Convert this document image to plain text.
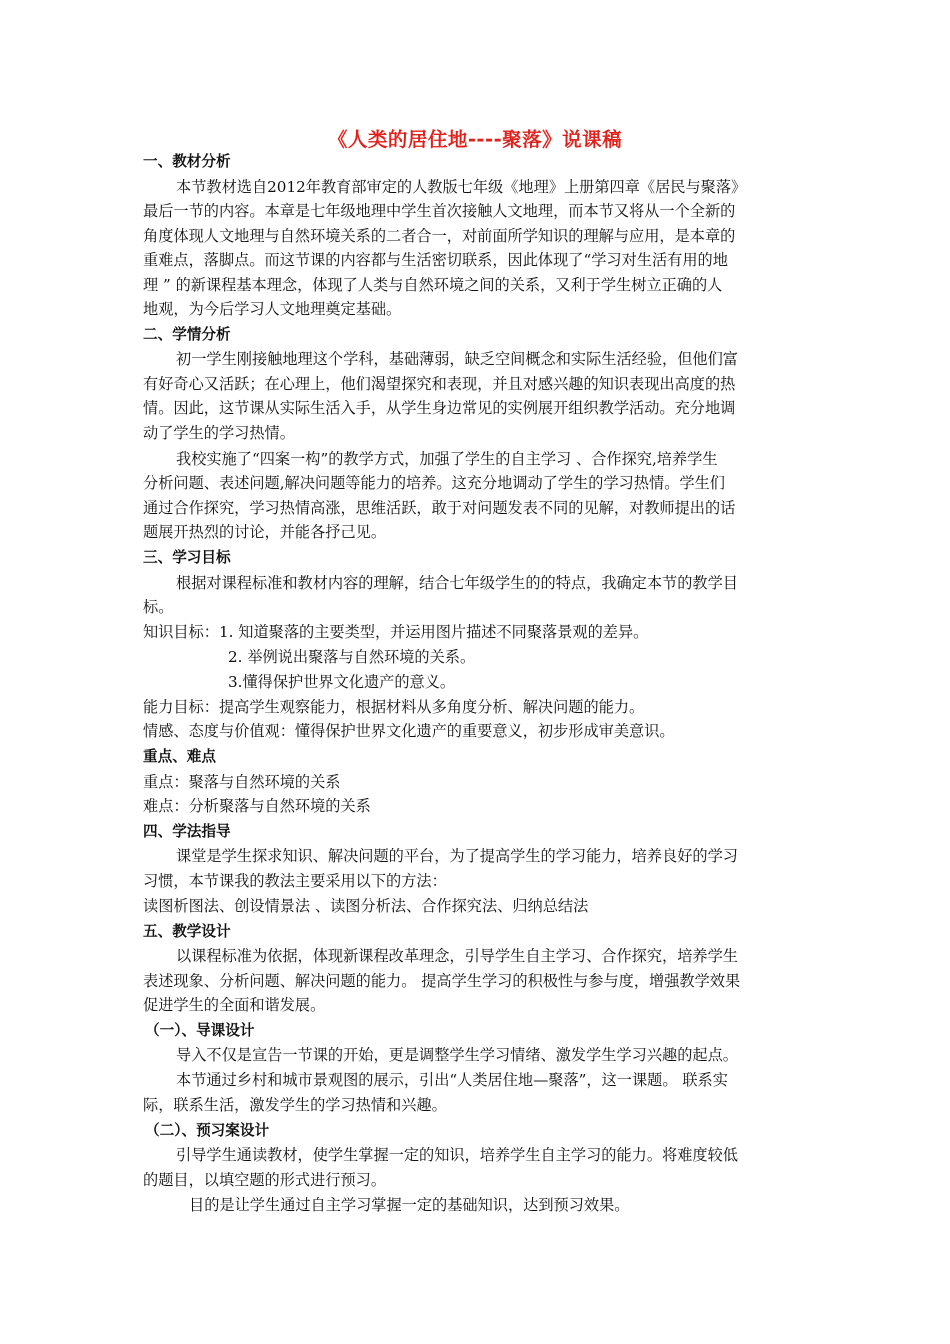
《人类的居住地----聚落》说课稿
一、教材分析
本节教材选自2012年教育部审定的人教版七年级《地理》上册第四章《居民与聚落》
最后一节的内容。本章是七年级地理中学生首次接触人文地理，而本节又将从一个全新的
角度体现人文地理与自然环境关系的二者合一，对前面所学知识的理解与应用，是本章的
重难点，落脚点。而这节课的内容都与生活密切联系，因此体现了“学习对生活有用的地
理 ” 的新课程基本理念，体现了人类与自然环境之间的关系，又利于学生树立正确的人
地观，为今后学习人文地理奠定基础。
二、学情分析
初一学生刚接触地理这个学科，基础薄弱，缺乏空间概念和实际生活经验，但他们富
有好奇心又活跃；在心理上，他们渴望探究和表现，并且对感兴趣的知识表现出高度的热
情。因此，这节课从实际生活入手，从学生身边常见的实例展开组织教学活动。充分地调
动了学生的学习热情。
我校实施了“四案一构”的教学方式，加强了学生的自主学习 、合作探究,培养学生
分析问题、表述问题,解决问题等能力的培养。这充分地调动了学生的学习热情。学生们
通过合作探究，学习热情高涨，思维活跃，敢于对问题发表不同的见解，对教师提出的话
题展开热烈的讨论，并能各抒己见。
三、学习目标
根据对课程标准和教材内容的理解，结合七年级学生的的特点，我确定本节的教学目
标。
知识目标：1. 知道聚落的主要类型，并运用图片描述不同聚落景观的差异。
2. 举例说出聚落与自然环境的关系。
3.懂得保护世界文化遗产的意义。
能力目标：提高学生观察能力，根据材料从多角度分析、解决问题的能力。
情感、态度与价值观：懂得保护世界文化遗产的重要意义，初步形成审美意识。
重点、难点
重点：聚落与自然环境的关系
难点：分析聚落与自然环境的关系
四、学法指导
课堂是学生探求知识、解决问题的平台，为了提高学生的学习能力，培养良好的学习
习惯，本节课我的教法主要采用以下的方法：
读图析图法、创设情景法 、读图分析法、合作探究法、归纳总结法
五、教学设计
以课程标准为依据，体现新课程改革理念，引导学生自主学习、合作探究，培养学生
表述现象、分析问题、解决问题的能力。 提高学生学习的积极性与参与度，增强教学效果
促进学生的全面和谐发展。
（一）、导课设计
导入不仅是宣告一节课的开始，更是调整学生学习情绪、激发学生学习兴趣的起点。
本节通过乡村和城市景观图的展示，引出“人类居住地—聚落”，这一课题。 联系实
际，联系生活，激发学生的学习热情和兴趣。
（二）、预习案设计
引导学生通读教材，使学生掌握一定的知识，培养学生自主学习的能力。将难度较低
的题目，以填空题的形式进行预习。
目的是让学生通过自主学习掌握一定的基础知识，达到预习效果。
